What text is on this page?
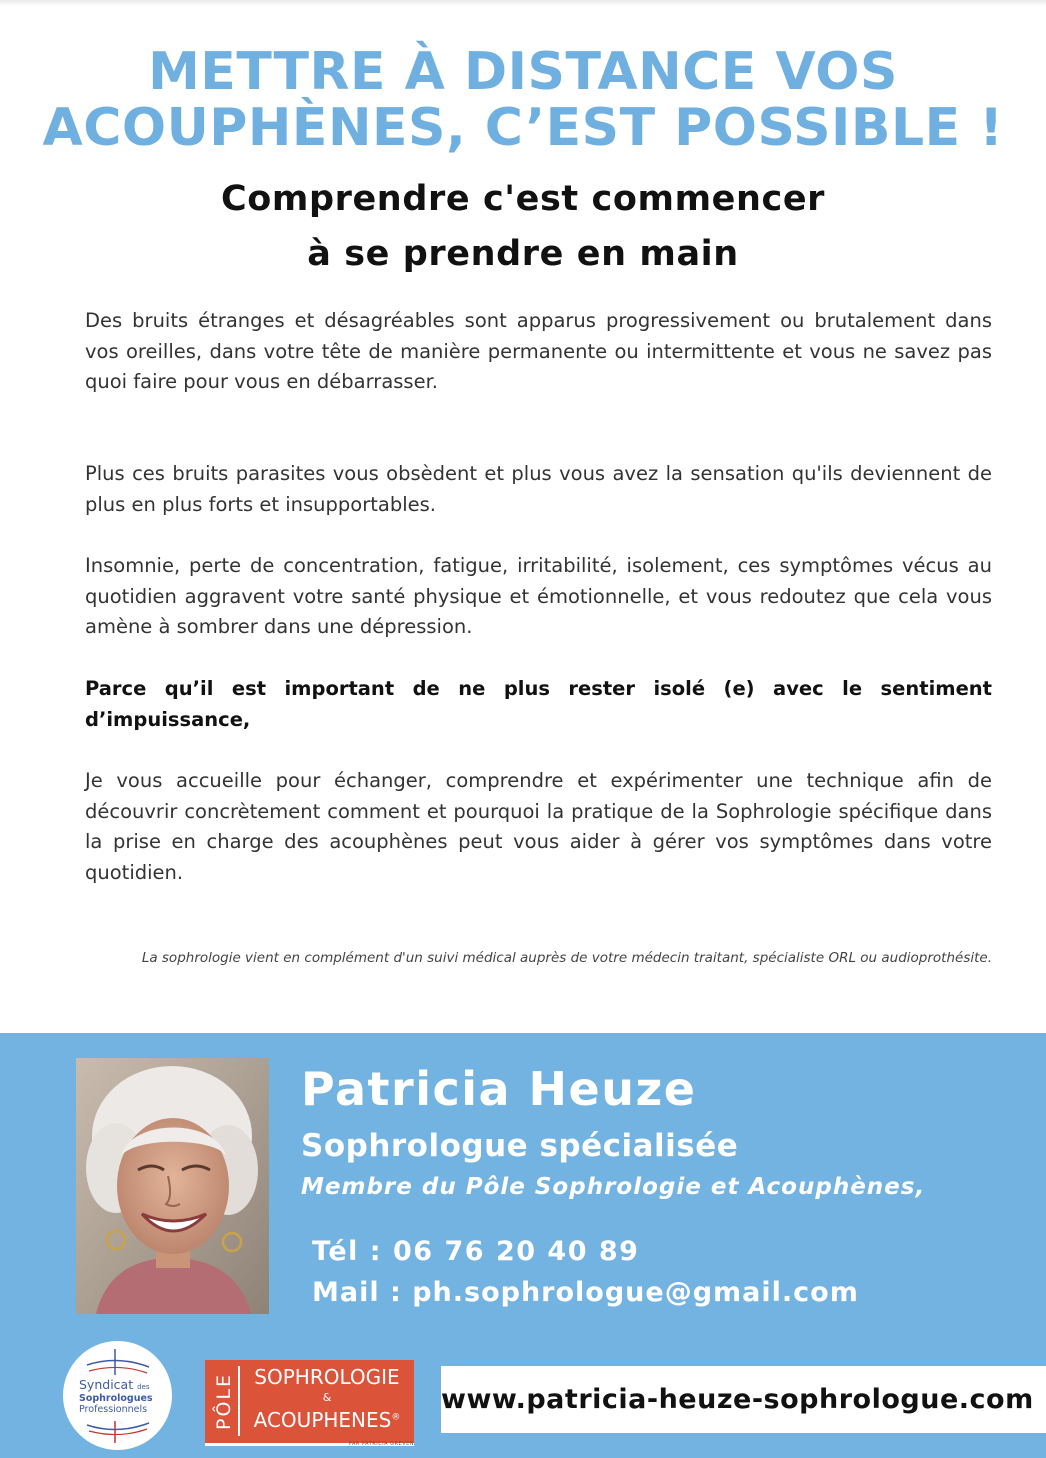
METTRE À DISTANCE VOS
ACOUPHÈNES, C’EST POSSIBLE !
Comprendre c'est commencer
à se prendre en main

Des bruits étranges et désagréables sont apparus progressivement ou brutalement dans vos oreilles, dans votre tête de manière permanente ou intermittente et vous ne savez pas quoi faire pour vous en débarrasser.

Plus ces bruits parasites vous obsèdent et plus vous avez la sensation qu'ils deviennent de plus en plus forts et insupportables.

Insomnie, perte de concentration, fatigue, irritabilité, isolement, ces symptômes vécus au quotidien aggravent votre santé physique et émotionnelle, et vous redoutez que cela vous amène à sombrer dans une dépression.

Parce qu’il est important de ne plus rester isolé (e) avec le sentiment d’impuissance,

Je vous accueille pour échanger, comprendre et expérimenter une technique afin de découvrir concrètement comment et pourquoi la pratique de la Sophrologie spécifique dans la prise en charge des acouphènes peut vous aider à gérer vos symptômes dans votre quotidien.

La sophrologie vient en complément d'un suivi médical auprès de votre médecin traitant, spécialiste ORL ou audioprothésite.

Patricia Heuze
Sophrologue spécialisée
Membre du Pôle Sophrologie et Acouphènes,
Tél : 06 76 20 40 89
Mail : ph.sophrologue@gmail.com
Syndicat des
Sophrologues
Professionnels	PÔLE SOPHROLOGIE
&
ACOUPHENES®
PAR PATRICIA GREVEN
www.patricia-heuze-sophrologue.com
